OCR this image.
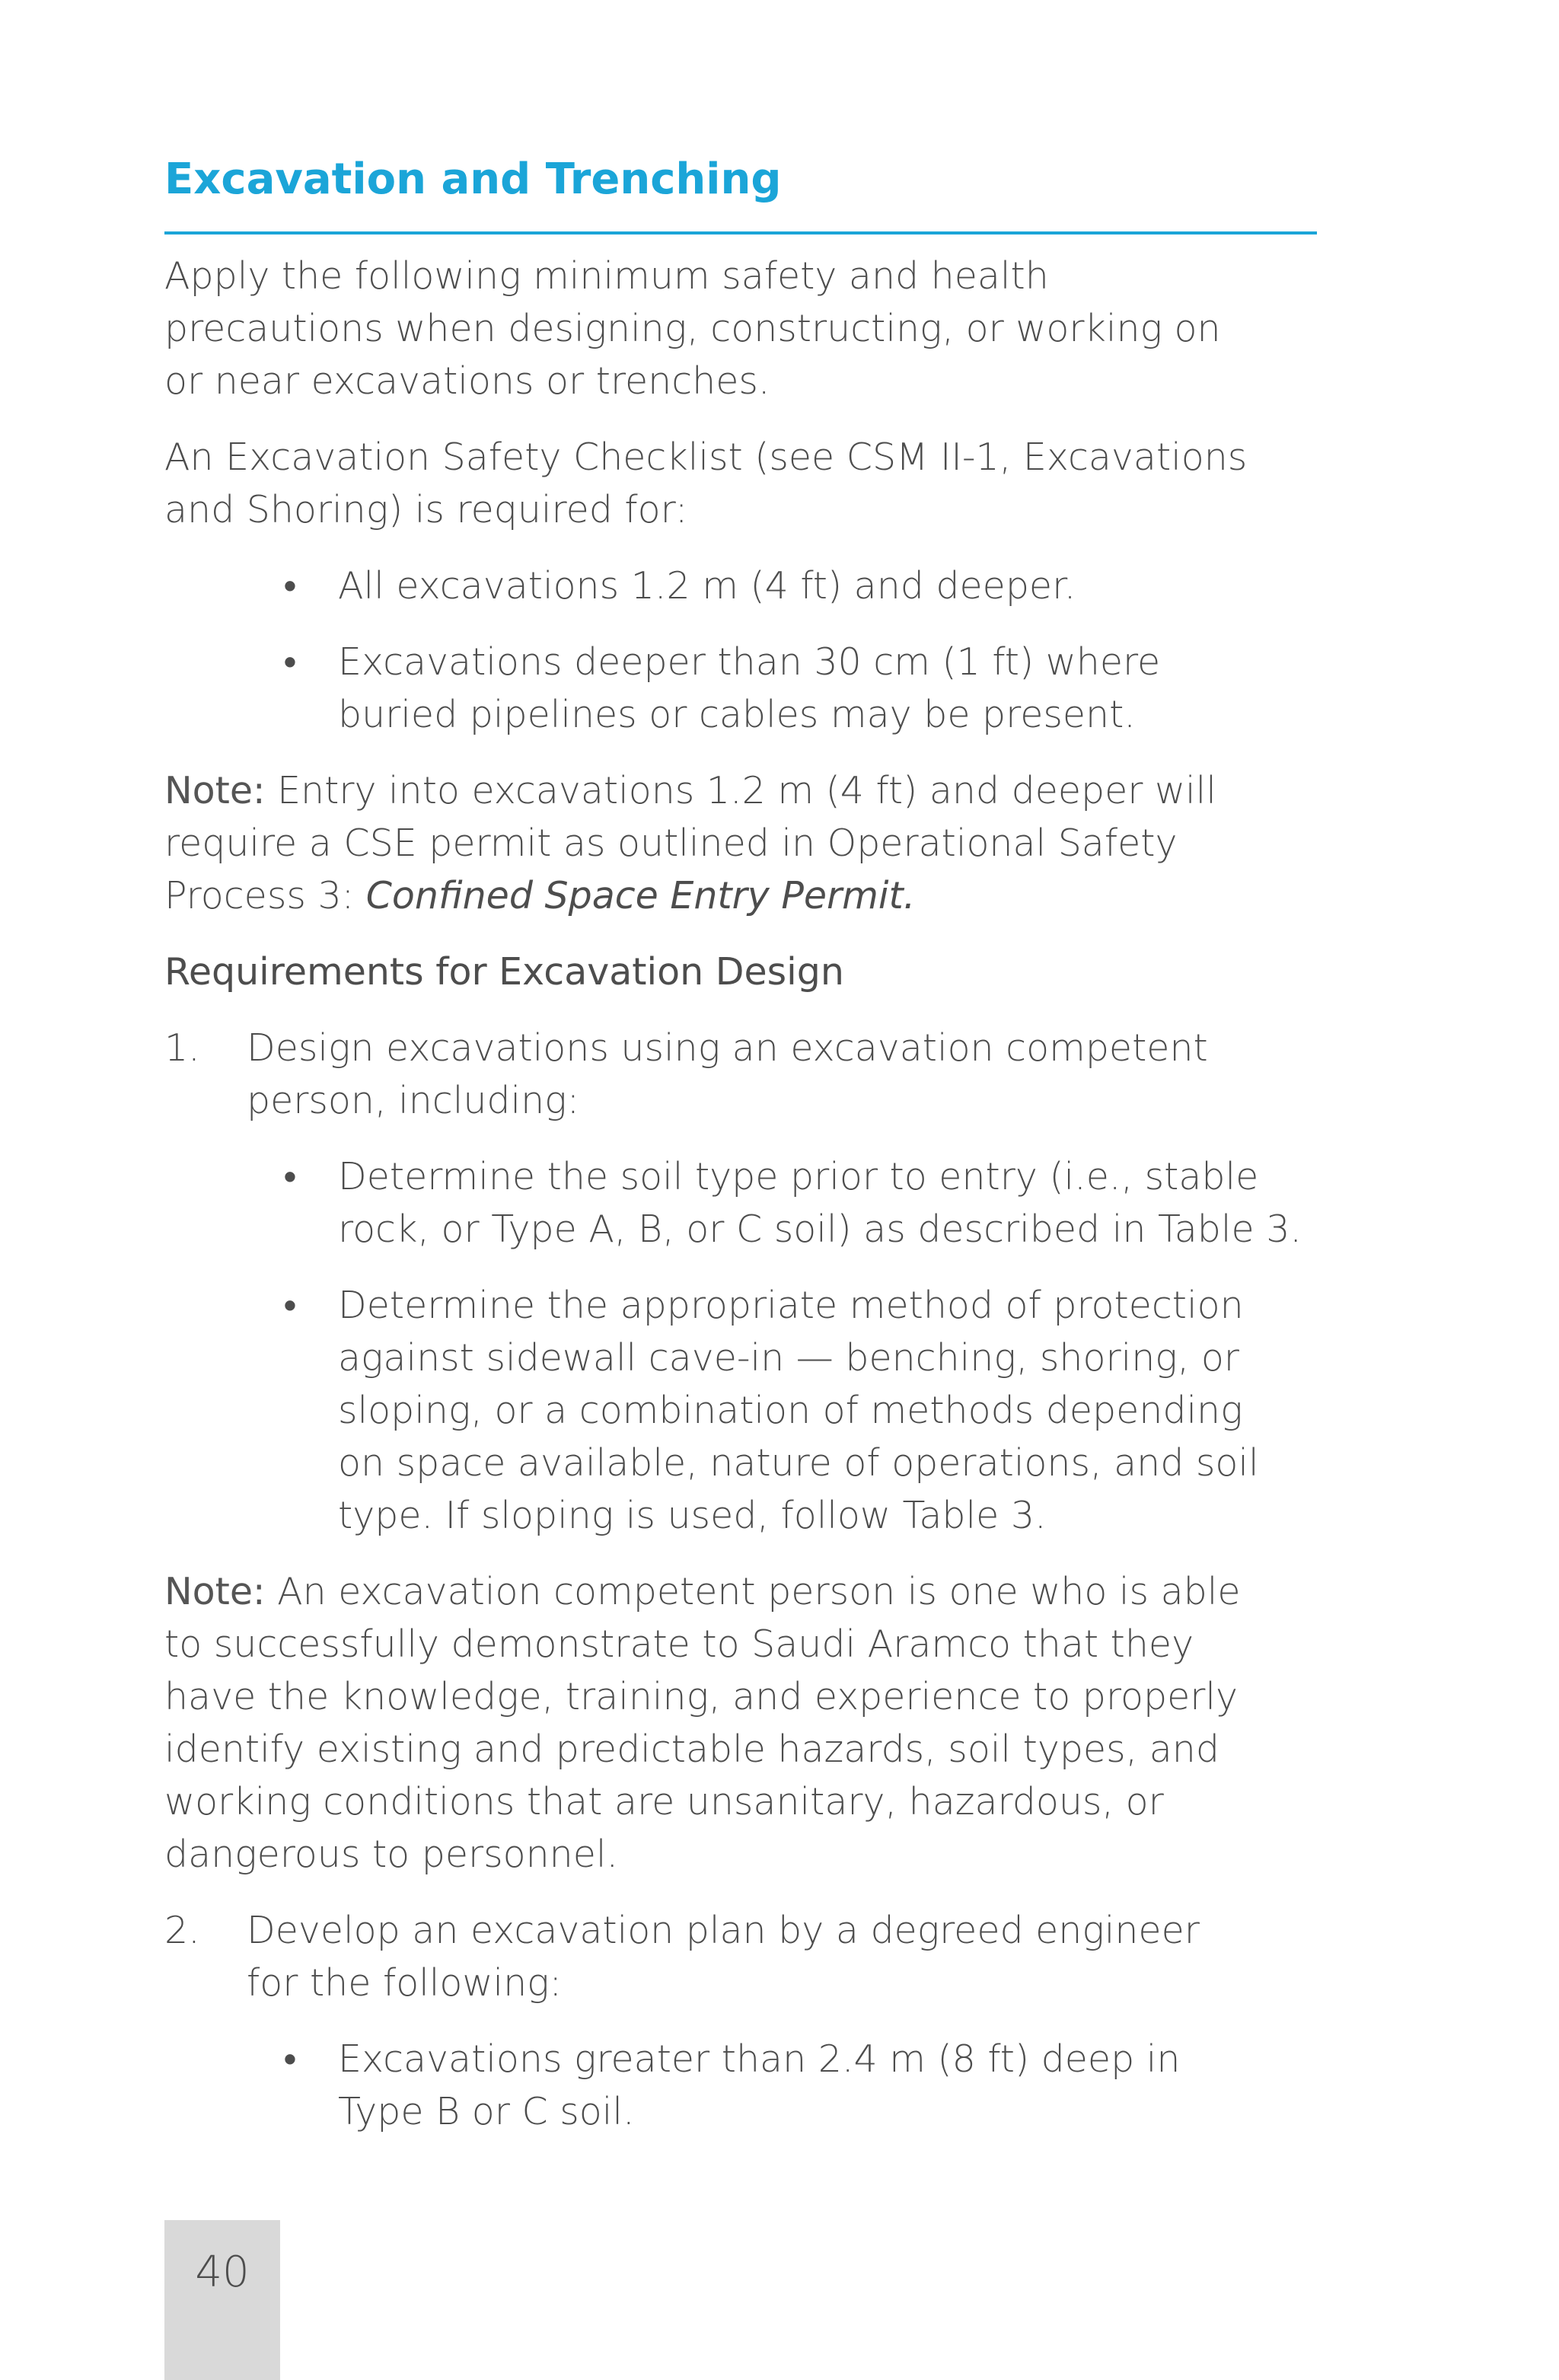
Excavation and Trenching

Apply the following minimum safety and health
precautions when designing, constructing, or working on
or near excavations or trenches.

An Excavation Safety Checklist (see CSM II-1, Excavations
and Shoring) is required for:

• All excavations 1.2 m (4 ft) and deeper.
• Excavations deeper than 30 cm (1 ft) where
buried pipelines or cables may be present.

Note: Entry into excavations 1.2 m (4 ft) and deeper will
require a CSE permit as outlined in Operational Safety
Process 3: Confined Space Entry Permit.

Requirements for Excavation Design

1. Design excavations using an excavation competent
person, including:
• Determine the soil type prior to entry (i.e., stable
rock, or Type A, B, or C soil) as described in Table 3.
• Determine the appropriate method of protection
against sidewall cave-in — benching, shoring, or
sloping, or a combination of methods depending
on space available, nature of operations, and soil
type. If sloping is used, follow Table 3.

Note: An excavation competent person is one who is able
to successfully demonstrate to Saudi Aramco that they
have the knowledge, training, and experience to properly
identify existing and predictable hazards, soil types, and
working conditions that are unsanitary, hazardous, or
dangerous to personnel.

2. Develop an excavation plan by a degreed engineer
for the following:
• Excavations greater than 2.4 m (8 ft) deep in
Type B or C soil.
40
